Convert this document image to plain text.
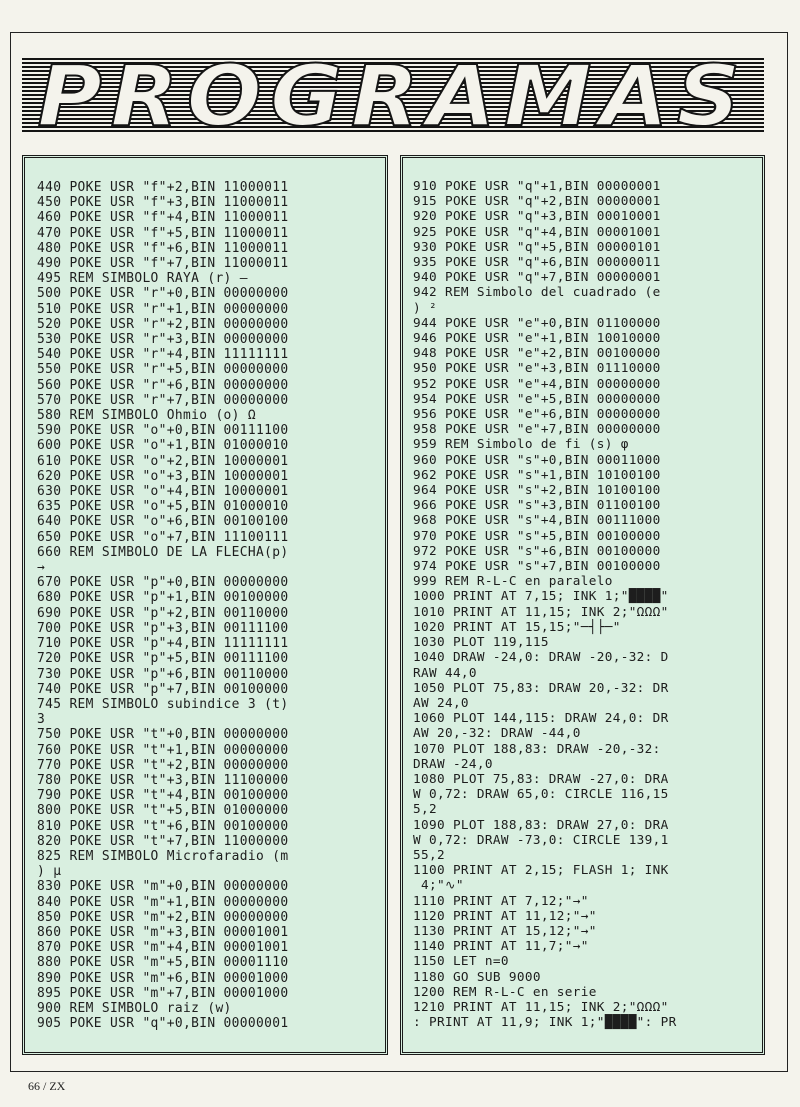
PROGRAMAS
440 POKE USR "f"+2,BIN 11000011
450 POKE USR "f"+3,BIN 11000011
460 POKE USR "f"+4,BIN 11000011
470 POKE USR "f"+5,BIN 11000011
480 POKE USR "f"+6,BIN 11000011
490 POKE USR "f"+7,BIN 11000011
495 REM SIMBOLO RAYA (r) —
500 POKE USR "r"+0,BIN 00000000
510 POKE USR "r"+1,BIN 00000000
520 POKE USR "r"+2,BIN 00000000
530 POKE USR "r"+3,BIN 00000000
540 POKE USR "r"+4,BIN 11111111
550 POKE USR "r"+5,BIN 00000000
560 POKE USR "r"+6,BIN 00000000
570 POKE USR "r"+7,BIN 00000000
580 REM SIMBOLO Ohmio (o) Ω
590 POKE USR "o"+0,BIN 00111100
600 POKE USR "o"+1,BIN 01000010
610 POKE USR "o"+2,BIN 10000001
620 POKE USR "o"+3,BIN 10000001
630 POKE USR "o"+4,BIN 10000001
635 POKE USR "o"+5,BIN 01000010
640 POKE USR "o"+6,BIN 00100100
650 POKE USR "o"+7,BIN 11100111
660 REM SIMBOLO DE LA FLECHA(p)
→
670 POKE USR "p"+0,BIN 00000000
680 POKE USR "p"+1,BIN 00100000
690 POKE USR "p"+2,BIN 00110000
700 POKE USR "p"+3,BIN 00111100
710 POKE USR "p"+4,BIN 11111111
720 POKE USR "p"+5,BIN 00111100
730 POKE USR "p"+6,BIN 00110000
740 POKE USR "p"+7,BIN 00100000
745 REM SIMBOLO subindice 3 (t)
3
750 POKE USR "t"+0,BIN 00000000
760 POKE USR "t"+1,BIN 00000000
770 POKE USR "t"+2,BIN 00000000
780 POKE USR "t"+3,BIN 11100000
790 POKE USR "t"+4,BIN 00100000
800 POKE USR "t"+5,BIN 01000000
810 POKE USR "t"+6,BIN 00100000
820 POKE USR "t"+7,BIN 11000000
825 REM SIMBOLO Microfaradio (m
) μ
830 POKE USR "m"+0,BIN 00000000
840 POKE USR "m"+1,BIN 00000000
850 POKE USR "m"+2,BIN 00000000
860 POKE USR "m"+3,BIN 00001001
870 POKE USR "m"+4,BIN 00001001
880 POKE USR "m"+5,BIN 00001110
890 POKE USR "m"+6,BIN 00001000
895 POKE USR "m"+7,BIN 00001000
900 REM SIMBOLO raiz (w)
905 POKE USR "q"+0,BIN 00000001
910 POKE USR "q"+1,BIN 00000001
915 POKE USR "q"+2,BIN 00000001
920 POKE USR "q"+3,BIN 00010001
925 POKE USR "q"+4,BIN 00001001
930 POKE USR "q"+5,BIN 00000101
935 POKE USR "q"+6,BIN 00000011
940 POKE USR "q"+7,BIN 00000001
942 REM Simbolo del cuadrado (e
) ²
944 POKE USR "e"+0,BIN 01100000
946 POKE USR "e"+1,BIN 10010000
948 POKE USR "e"+2,BIN 00100000
950 POKE USR "e"+3,BIN 01110000
952 POKE USR "e"+4,BIN 00000000
954 POKE USR "e"+5,BIN 00000000
956 POKE USR "e"+6,BIN 00000000
958 POKE USR "e"+7,BIN 00000000
959 REM Simbolo de fi (s) φ
960 POKE USR "s"+0,BIN 00011000
962 POKE USR "s"+1,BIN 10100100
964 POKE USR "s"+2,BIN 10100100
966 POKE USR "s"+3,BIN 01100100
968 POKE USR "s"+4,BIN 00111000
970 POKE USR "s"+5,BIN 00100000
972 POKE USR "s"+6,BIN 00100000
974 POKE USR "s"+7,BIN 00100000
999 REM R-L-C en paralelo
1000 PRINT AT 7,15; INK 1;"████"
1010 PRINT AT 11,15; INK 2;"ΩΩΩ"
1020 PRINT AT 15,15;"─┤├─"
1030 PLOT 119,115
1040 DRAW -24,0: DRAW -20,-32: D
RAW 44,0
1050 PLOT 75,83: DRAW 20,-32: DR
AW 24,0
1060 PLOT 144,115: DRAW 24,0: DR
AW 20,-32: DRAW -44,0
1070 PLOT 188,83: DRAW -20,-32:
DRAW -24,0
1080 PLOT 75,83: DRAW -27,0: DRA
W 0,72: DRAW 65,0: CIRCLE 116,15
5,2
1090 PLOT 188,83: DRAW 27,0: DRA
W 0,72: DRAW -73,0: CIRCLE 139,1
55,2
1100 PRINT AT 2,15; FLASH 1; INK
4;"∿"
1110 PRINT AT 7,12;"→"
1120 PRINT AT 11,12;"→"
1130 PRINT AT 15,12;"→"
1140 PRINT AT 11,7;"→"
1150 LET n=0
1180 GO SUB 9000
1200 REM R-L-C en serie
1210 PRINT AT 11,15; INK 2;"ΩΩΩ"
: PRINT AT 11,9; INK 1;"████": PR
66 / ZX
